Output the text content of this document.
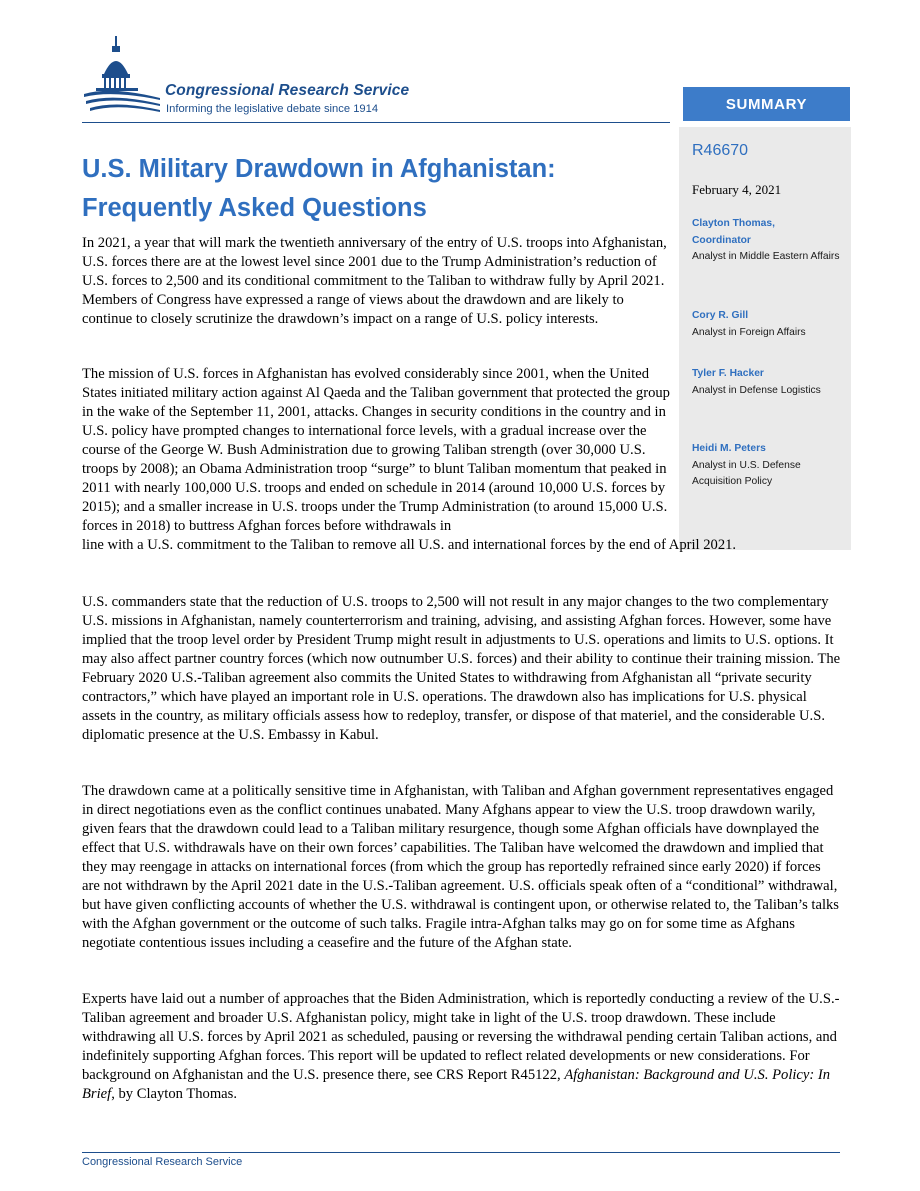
Congressional Research Service

Informing the legislative debate since 1914	SUMMARY

R46670

February 4, 2021

Clayton Thomas,
Coordinator
Analyst in Middle Eastern Affairs
Cory R. Gill
Analyst in Foreign Affairs
Tyler F. Hacker
Analyst in Defense Logistics
Heidi M. Peters
Analyst in U.S. Defense Acquisition Policy
U.S. Military Drawdown in Afghanistan: Frequently Asked Questions

In 2021, a year that will mark the twentieth anniversary of the entry of U.S. troops into Afghanistan, U.S. forces there are at the lowest level since 2001 due to the Trump Administration’s reduction of U.S. forces to 2,500 and its conditional commitment to the Taliban to withdraw fully by April 2021. Members of Congress have expressed a range of views about the drawdown and are likely to continue to closely scrutinize the drawdown’s impact on a range of U.S. policy interests.

The mission of U.S. forces in Afghanistan has evolved considerably since 2001, when the United States initiated military action against Al Qaeda and the Taliban government that protected the group in the wake of the September 11, 2001, attacks. Changes in security conditions in the country and in U.S. policy have prompted changes to international force levels, with a gradual increase over the course of the George W. Bush Administration due to growing Taliban strength (over 30,000 U.S. troops by 2008); an Obama Administration troop “surge” to blunt Taliban momentum that peaked in 2011 with nearly 100,000 U.S. troops and ended on schedule in 2014 (around 10,000 U.S. forces by 2015); and a smaller increase in U.S. troops under the Trump Administration (to around 15,000 U.S. forces in 2018) to buttress Afghan forces before withdrawals in
line with a U.S. commitment to the Taliban to remove all U.S. and international forces by the end of April 2021.

U.S. commanders state that the reduction of U.S. troops to 2,500 will not result in any major changes to the two complementary U.S. missions in Afghanistan, namely counterterrorism and training, advising, and assisting Afghan forces. However, some have implied that the troop level order by President Trump might result in adjustments to U.S. operations and limits to U.S. options. It may also affect partner country forces (which now outnumber U.S. forces) and their ability to continue their training mission. The February 2020 U.S.-Taliban agreement also commits the United States to withdrawing from Afghanistan all “private security contractors,” which have played an important role in U.S. operations. The drawdown also has implications for U.S. physical assets in the country, as military officials assess how to redeploy, transfer, or dispose of that materiel, and the considerable U.S. diplomatic presence at the U.S. Embassy in Kabul.

The drawdown came at a politically sensitive time in Afghanistan, with Taliban and Afghan government representatives engaged in direct negotiations even as the conflict continues unabated. Many Afghans appear to view the U.S. troop drawdown warily, given fears that the drawdown could lead to a Taliban military resurgence, though some Afghan officials have downplayed the effect that U.S. withdrawals have on their own forces’ capabilities. The Taliban have welcomed the drawdown and implied that they may reengage in attacks on international forces (from which the group has reportedly refrained since early 2020) if forces are not withdrawn by the April 2021 date in the U.S.-Taliban agreement. U.S. officials speak often of a “conditional” withdrawal, but have given conflicting accounts of whether the U.S. withdrawal is contingent upon, or otherwise related to, the Taliban’s talks with the Afghan government or the outcome of such talks. Fragile intra-Afghan talks may go on for some time as Afghans negotiate contentious issues including a ceasefire and the future of the Afghan state.

Experts have laid out a number of approaches that the Biden Administration, which is reportedly conducting a review of the U.S.-Taliban agreement and broader U.S. Afghanistan policy, might take in light of the U.S. troop drawdown. These include withdrawing all U.S. forces by April 2021 as scheduled, pausing or reversing the withdrawal pending certain Taliban actions, and indefinitely supporting Afghan forces. This report will be updated to reflect related developments or new considerations. For background on Afghanistan and the U.S. presence there, see CRS Report R45122, Afghanistan: Background and U.S. Policy: In Brief, by Clayton Thomas.

Congressional Research Service
